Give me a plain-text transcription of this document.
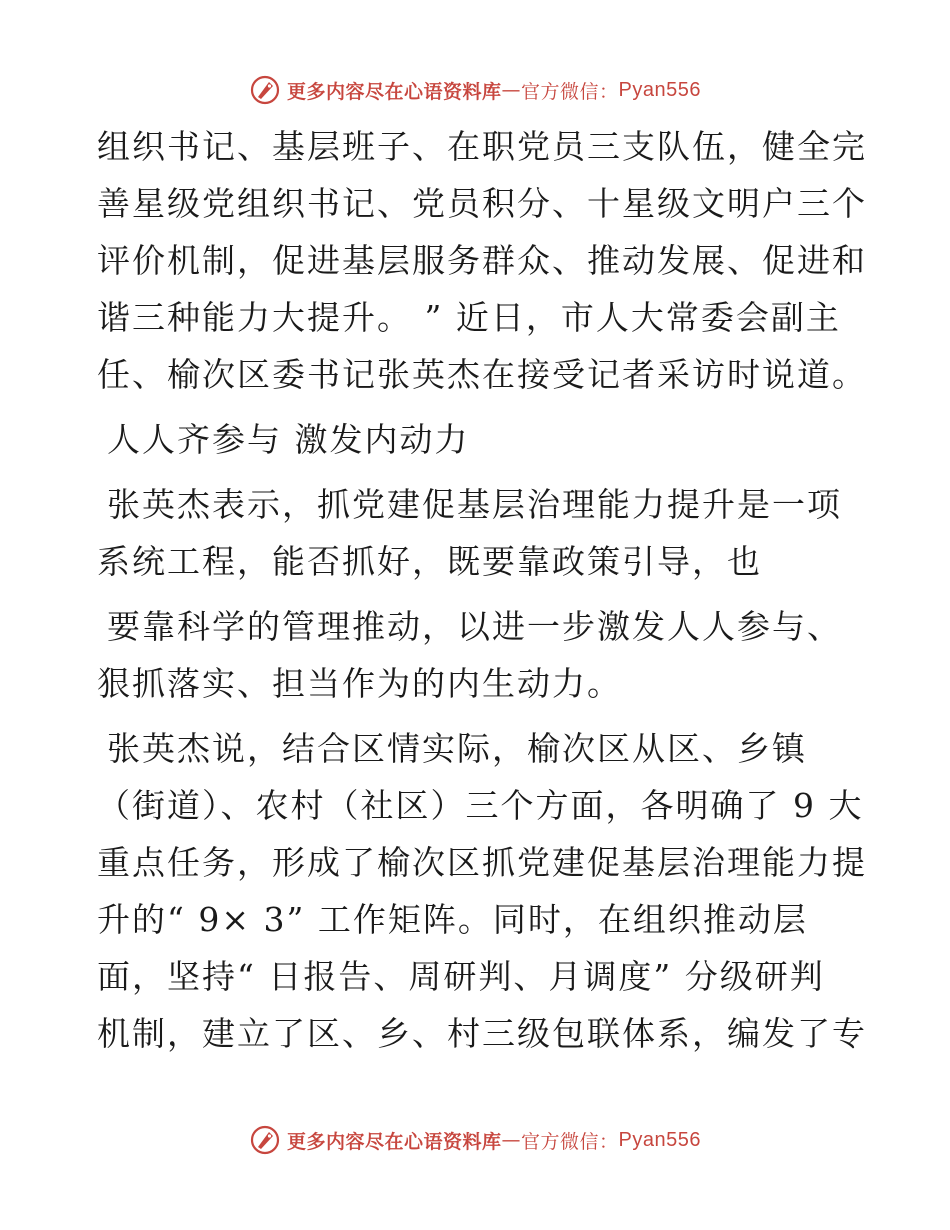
更多内容尽在心语资料库 — 官方微信： Pyan556
组织书记、基层班子、在职党员三支队伍，健全完
善星级党组织书记、党员积分、十星级文明户三个
评价机制，促进基层服务群众、推动发展、促进和
谐三种能力大提升。 ” 近日，市人大常委会副主
任、榆次区委书记张英杰在接受记者采访时说道。
人人齐参与 激发内动力
张英杰表示，抓党建促基层治理能力提升是一项
系统工程，能否抓好，既要靠政策引导，也
要靠科学的管理推动，以进一步激发人人参与、
狠抓落实、担当作为的内生动力。
张英杰说，结合区情实际，榆次区从区、乡镇
（街道）、农村（社区）三个方面，各明确了 9 大
重点任务，形成了榆次区抓党建促基层治理能力提
升的“ 9× 3” 工作矩阵。同时，在组织推动层
面，坚持“ 日报告、周研判、月调度” 分级研判
机制，建立了区、乡、村三级包联体系，编发了专
更多内容尽在心语资料库 — 官方微信： Pyan556
